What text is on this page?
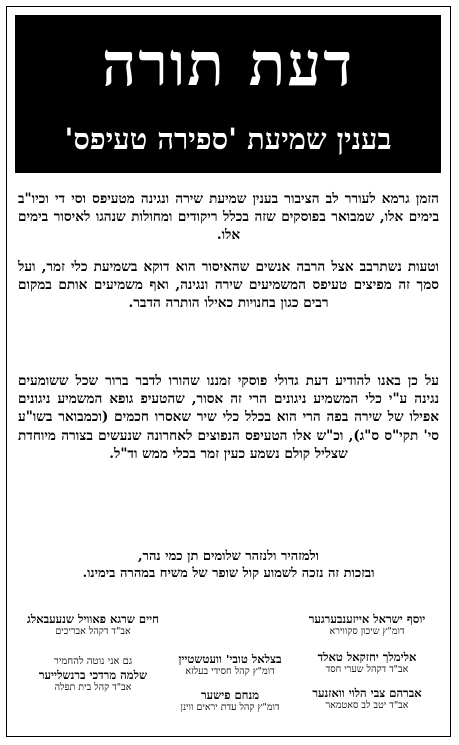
דעת תורה
בענין שמיעת 'ספירה טעיפס'
הזמן גרמא לעורר לב הציבור בענין שמיעת שירה ונגינה מטעיפס וסי די וכיו"ב בימים אלו, שמבואר בפוסקים שזה בכלל ריקודים ומחולות שנהגו לאיסור בימים אלו.
וטעות נשתרבב אצל הרבה אנשים שהאיסור הוא דוקא בשמיעת כלי זמר, ועל סמך זה מפיצים טעיפס המשמיעים שירה ונגינה, ואף משמיעים אותם במקום רבים כגון בחנויות כאילו הותרה הדבר.
על כן באנו להודיע דעת גדולי פוסקי זמננו שהורו לדבר ברור שכל ששומעים נגינה ע"י כלי המשמיע ניגונים הרי זה אסור, שהטעיפ גופא המשמיע ניגונים אפילו של שירה בפה הרי הוא בכלל כלי שיר שאסרו חכמים (וכמבואר בשו"ע סי' תקי"ס ס"ג), וכ"ש אלו הטעיפס הנפוצים לאחרונה שנעשים בצורה מיוחדת שצליל קולם נשמע כעין זמר בכלי ממש וד"ל.
ולמזהיר ולנזהר שלומים תן כמי נהר,
ובזכות זה נזכה לשמוע קול שופר של משיח במהרה בימינו.
יוסף ישראל אייזענבערגער
דומ"ץ שיכון סקווירא
אלימלך יחזקאל טאלד
אב"ד דקהל שערי חסד
אברהם צבי הלוי וואזנער
אב"ד יטב לב סאטמאר
בצלאל טובי' וועטשטיין
דומ"ץ קהל חסידי בעלזא
מנחם פישער
דומ"ץ קהל עדת יראים ווינן
חיים שרגא פאוויל שנעעבאלג
אב"ד דקהל אבריכים
גם אני נוטה להחמיר
שלמה מרדכי ברנשלייער
אב"ד קהל בית תפלה
